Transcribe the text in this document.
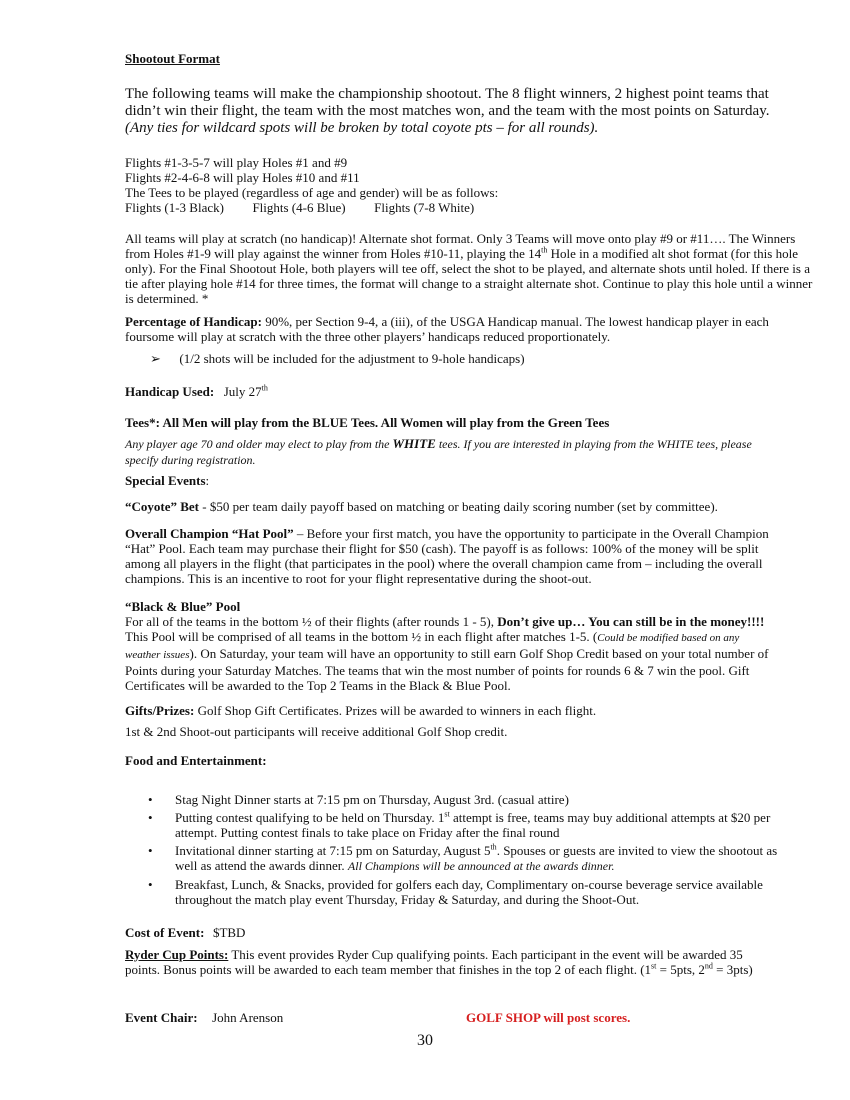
Shootout Format
The following teams will make the championship shootout. The 8 flight winners, 2 highest point teams that didn’t win their flight, the team with the most matches won, and the team with the most points on Saturday.
(Any ties for wildcard spots will be broken by total coyote pts – for all rounds).
Flights #1-3-5-7 will play Holes #1 and #9
Flights #2-4-6-8 will play Holes #10 and #11
The Tees to be played (regardless of age and gender) will be as follows:
Flights (1-3 Black) Flights (4-6 Blue) Flights (7-8 White)
All teams will play at scratch (no handicap)! Alternate shot format. Only 3 Teams will move onto play #9 or #11…. The Winners from Holes #1-9 will play against the winner from Holes #10-11, playing the 14th Hole in a modified alt shot format (for this hole only). For the Final Shootout Hole, both players will tee off, select the shot to be played, and alternate shots until holed. If there is a tie after playing hole #14 for three times, the format will change to a straight alternate shot. Continue to play this hole until a winner is determined. *
Percentage of Handicap: 90%, per Section 9-4, a (iii), of the USGA Handicap manual. The lowest handicap player in each foursome will play at scratch with the three other players’ handicaps reduced proportionately.
➢ (1/2 shots will be included for the adjustment to 9-hole handicaps)
Handicap Used: July 27th
Tees*: All Men will play from the BLUE Tees. All Women will play from the Green Tees
Any player age 70 and older may elect to play from the WHITE tees. If you are interested in playing from the WHITE tees, please specify during registration.
Special Events:
“Coyote” Bet - $50 per team daily payoff based on matching or beating daily scoring number (set by committee).
Overall Champion “Hat Pool” – Before your first match, you have the opportunity to participate in the Overall Champion “Hat” Pool. Each team may purchase their flight for $50 (cash). The payoff is as follows: 100% of the money will be split among all players in the flight (that participates in the pool) where the overall champion came from – including the overall champions. This is an incentive to root for your flight representative during the shoot-out.
“Black & Blue” Pool
For all of the teams in the bottom ½ of their flights (after rounds 1 - 5), Don’t give up… You can still be in the money!!!! This Pool will be comprised of all teams in the bottom ½ in each flight after matches 1-5. (Could be modified based on any weather issues). On Saturday, your team will have an opportunity to still earn Golf Shop Credit based on your total number of Points during your Saturday Matches. The teams that win the most number of points for rounds 6 & 7 win the pool. Gift Certificates will be awarded to the Top 2 Teams in the Black & Blue Pool.
Gifts/Prizes: Golf Shop Gift Certificates. Prizes will be awarded to winners in each flight.
1st & 2nd Shoot-out participants will receive additional Golf Shop credit.
Food and Entertainment:
• Stag Night Dinner starts at 7:15 pm on Thursday, August 3rd. (casual attire)
• Putting contest qualifying to be held on Thursday. 1st attempt is free, teams may buy additional attempts at $20 per attempt. Putting contest finals to take place on Friday after the final round
• Invitational dinner starting at 7:15 pm on Saturday, August 5th. Spouses or guests are invited to view the shootout as well as attend the awards dinner. All Champions will be announced at the awards dinner.
• Breakfast, Lunch, & Snacks, provided for golfers each day, Complimentary on-course beverage service available throughout the match play event Thursday, Friday & Saturday, and during the Shoot-Out.
Cost of Event: $TBD
Ryder Cup Points: This event provides Ryder Cup qualifying points. Each participant in the event will be awarded 35 points. Bonus points will be awarded to each team member that finishes in the top 2 of each flight. (1st = 5pts, 2nd = 3pts)
Event Chair: John Arenson	GOLF SHOP will post scores.
30
